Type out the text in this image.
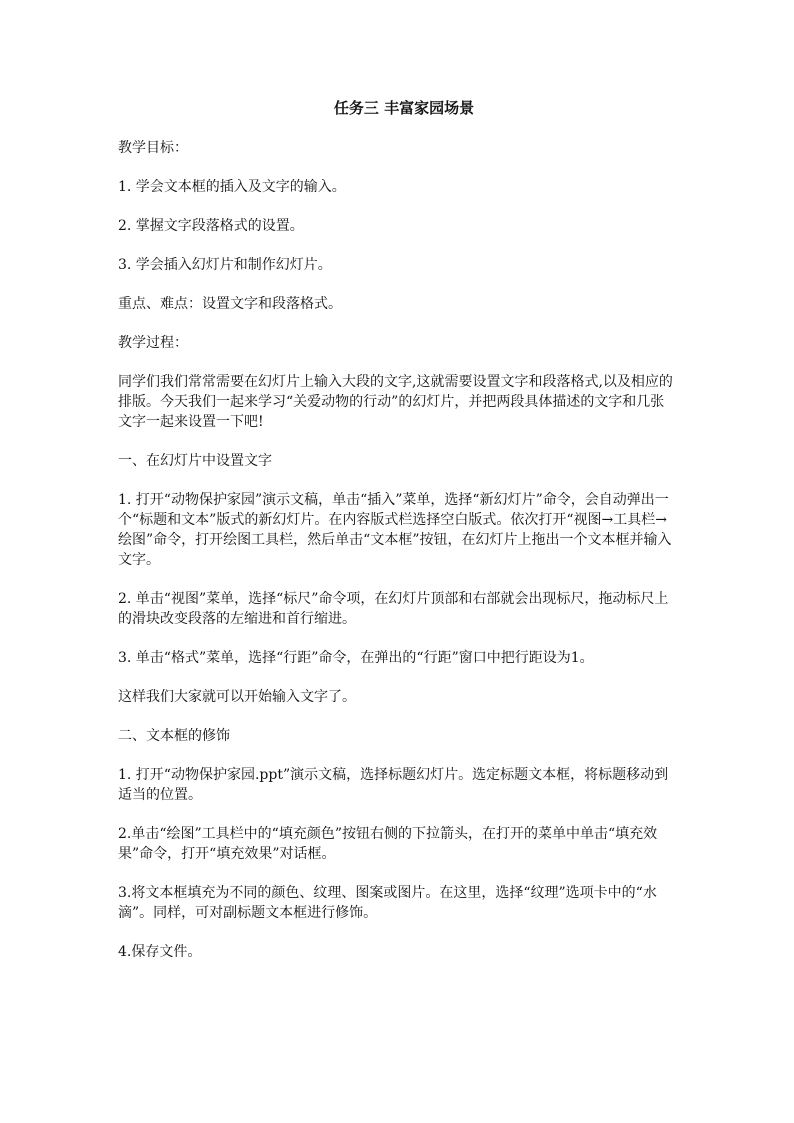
任务三 丰富家园场景

教学目标：

1. 学会文本框的插入及文字的输入。

2. 掌握文字段落格式的设置。

3. 学会插入幻灯片和制作幻灯片。

重点、难点：设置文字和段落格式。

教学过程：

同学们我们常常需要在幻灯片上输入大段的文字,这就需要设置文字和段落格式,以及相应的排版。今天我们一起来学习“关爱动物的行动”的幻灯片，并把两段具体描述的文字和几张文字一起来设置一下吧!

一、在幻灯片中设置文字

1. 打开“动物保护家园”演示文稿，单击“插入”菜单，选择“新幻灯片”命令，会自动弹出一个“标题和文本”版式的新幻灯片。在内容版式栏选择空白版式。依次打开“视图→工具栏→绘图”命令，打开绘图工具栏，然后单击“文本框”按钮，在幻灯片上拖出一个文本框并输入文字。

2. 单击“视图”菜单，选择“标尺”命令项，在幻灯片顶部和右部就会出现标尺，拖动标尺上的滑块改变段落的左缩进和首行缩进。

3. 单击“格式”菜单，选择“行距”命令，在弹出的“行距”窗口中把行距设为1。

这样我们大家就可以开始输入文字了。

二、文本框的修饰

1. 打开“动物保护家园.ppt”演示文稿，选择标题幻灯片。选定标题文本框，将标题移动到适当的位置。

2.单击“绘图”工具栏中的“填充颜色”按钮右侧的下拉箭头，在打开的菜单中单击“填充效果”命令，打开“填充效果”对话框。

3.将文本框填充为不同的颜色、纹理、图案或图片。在这里，选择“纹理”选项卡中的“水滴”。同样，可对副标题文本框进行修饰。

4.保存文件。
